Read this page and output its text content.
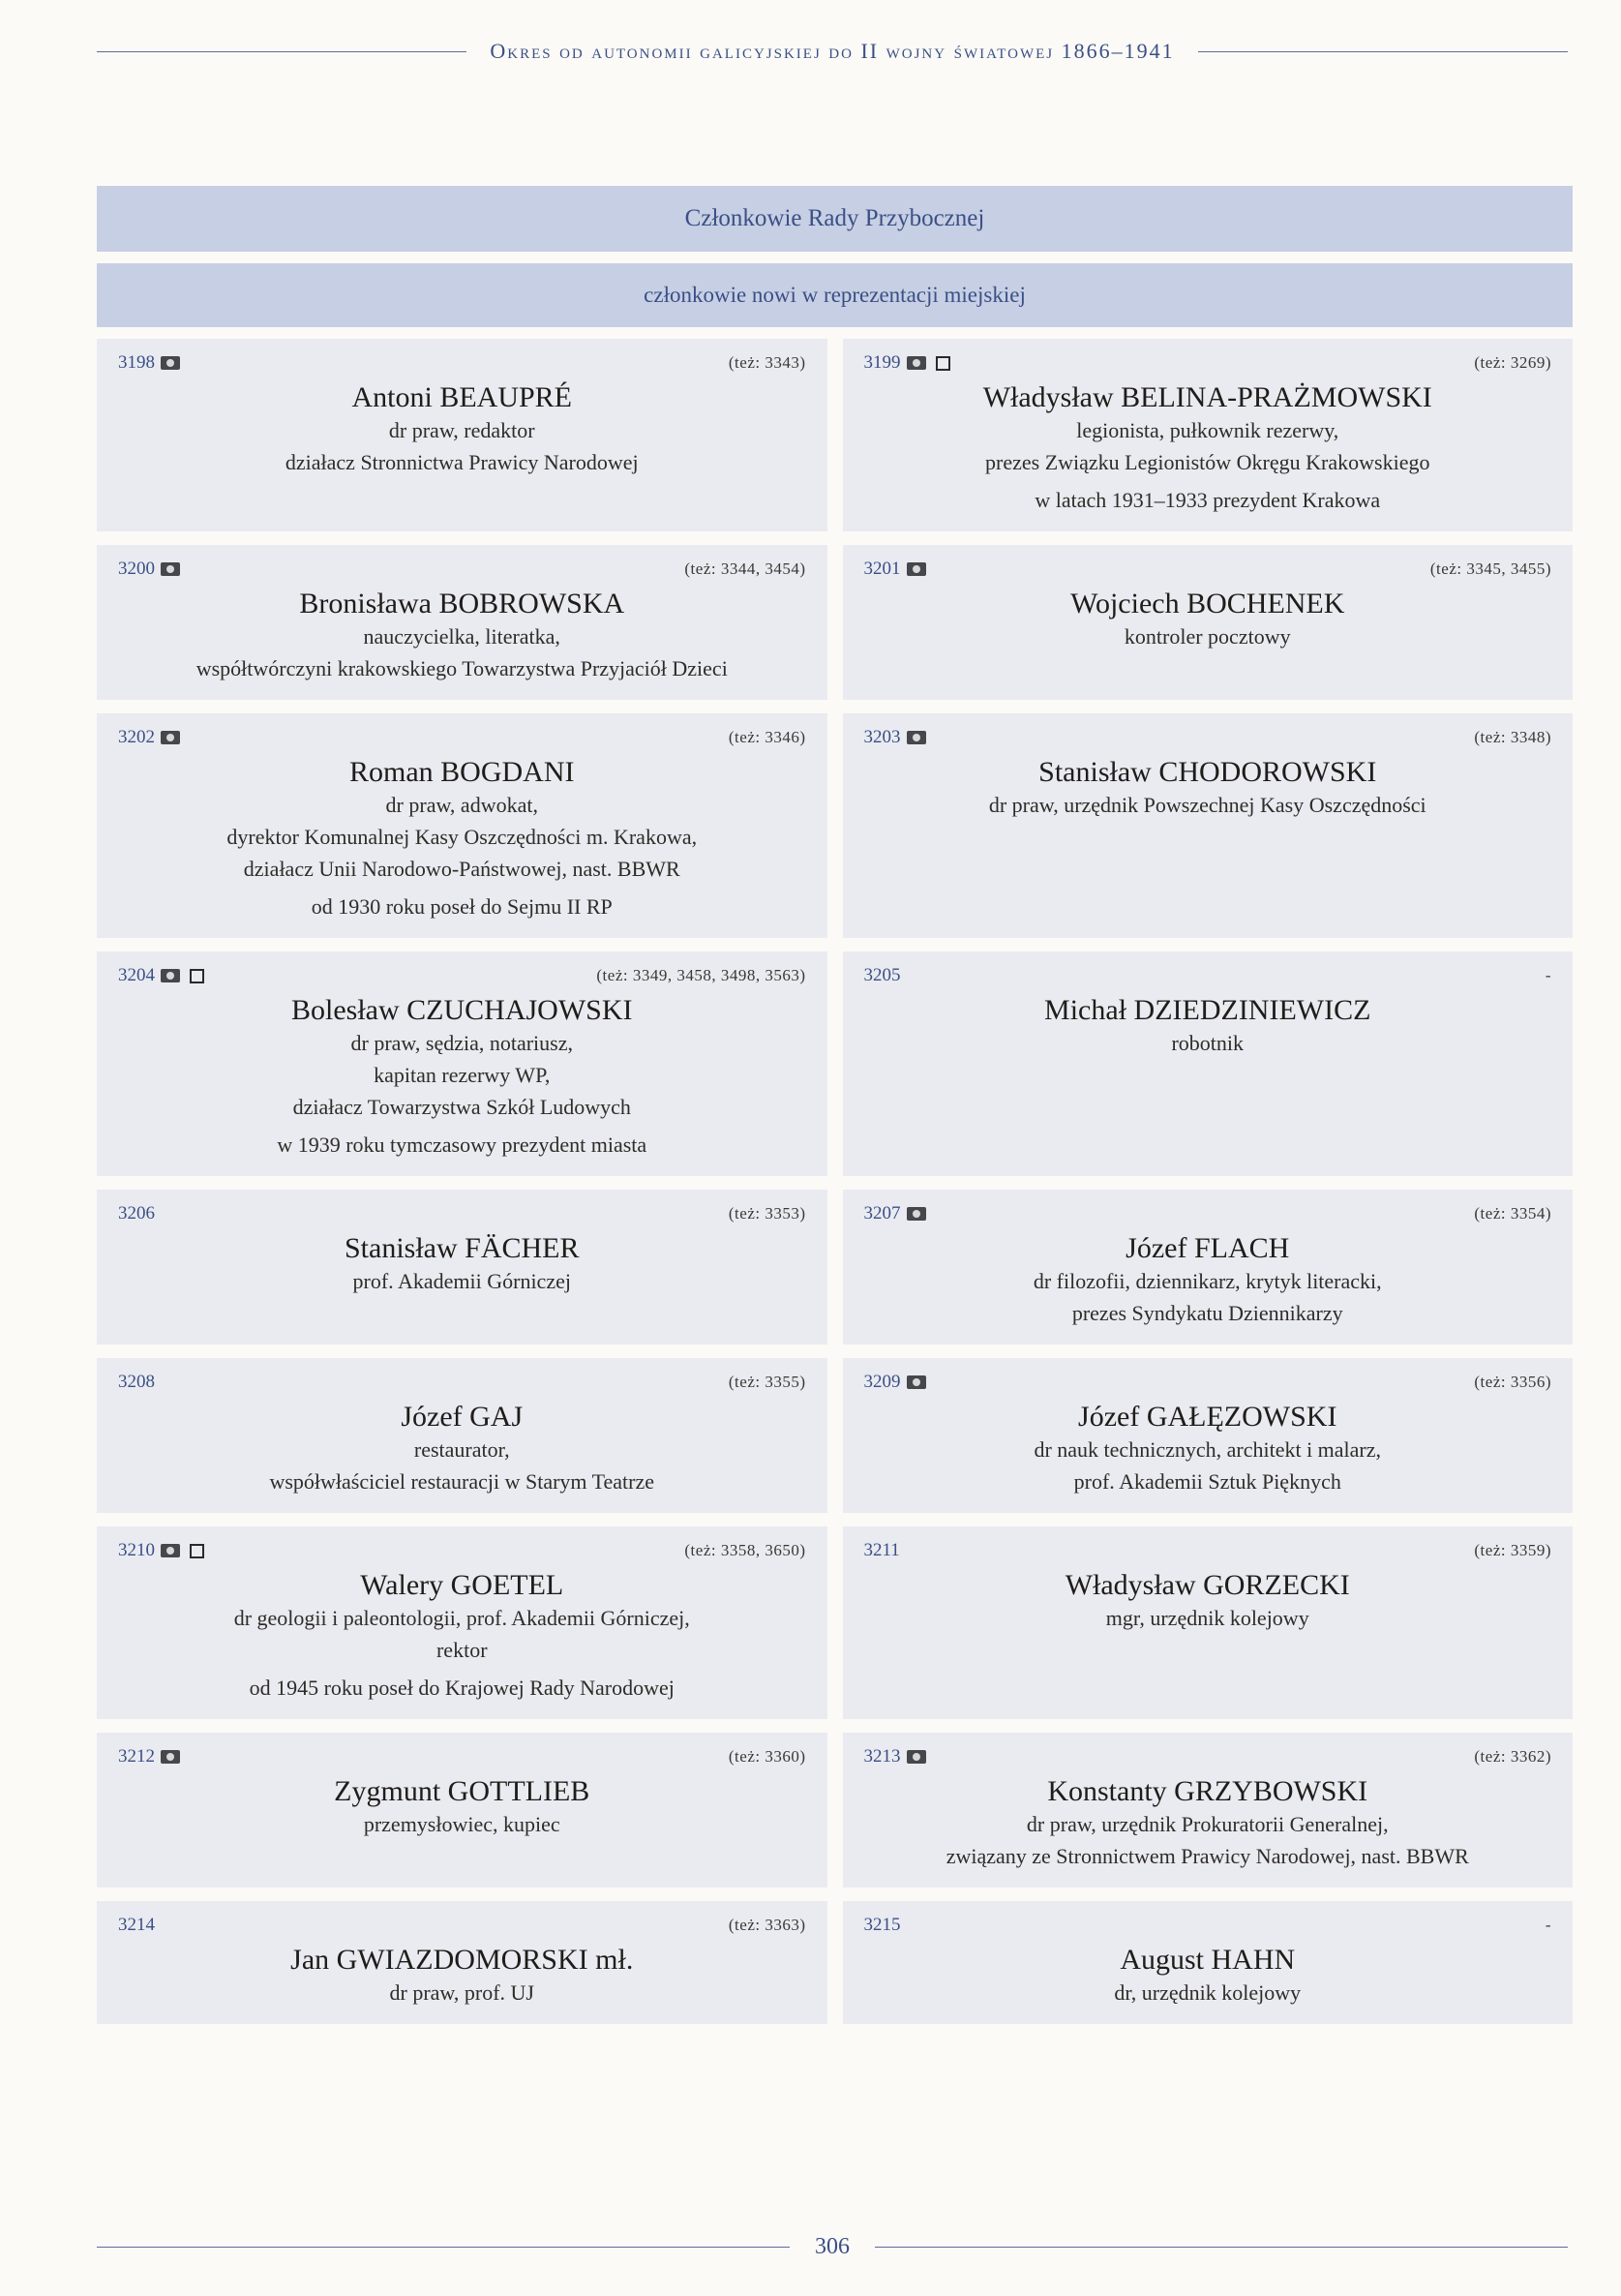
Okres od autonomii galicyjskiej do II wojny światowej 1866–1941
Członkowie Rady Przybocznej
członkowie nowi w reprezentacji miejskiej
3198	(też: 3343)
Antoni BEAUPRÉ
dr praw, redaktor
działacz Stronnictwa Prawicy Narodowej
3199	(też: 3269)
Władysław BELINA-PRAŻMOWSKI
legionista, pułkownik rezerwy,
prezes Związku Legionistów Okręgu Krakowskiego
w latach 1931–1933 prezydent Krakowa
3200	(też: 3344, 3454)
Bronisława BOBROWSKA
nauczycielka, literatka,
współtwórczyni krakowskiego Towarzystwa Przyjaciół Dzieci
3201	(też: 3345, 3455)
Wojciech BOCHENEK
kontroler pocztowy
3202	(też: 3346)
Roman BOGDANI
dr praw, adwokat,
dyrektor Komunalnej Kasy Oszczędności m. Krakowa,
działacz Unii Narodowo-Państwowej, nast. BBWR
od 1930 roku poseł do Sejmu II RP
3203	(też: 3348)
Stanisław CHODOROWSKI
dr praw, urzędnik Powszechnej Kasy Oszczędności
3204	(też: 3349, 3458, 3498, 3563)
Bolesław CZUCHAJOWSKI
dr praw, sędzia, notariusz,
kapitan rezerwy WP,
działacz Towarzystwa Szkół Ludowych
w 1939 roku tymczasowy prezydent miasta
3205	-
Michał DZIEDZINIEWICZ
robotnik
3206	(też: 3353)
Stanisław FÄCHER
prof. Akademii Górniczej
3207	(też: 3354)
Józef FLACH
dr filozofii, dziennikarz, krytyk literacki,
prezes Syndykatu Dziennikarzy
3208	(też: 3355)
Józef GAJ
restaurator,
współwłaściciel restauracji w Starym Teatrze
3209	(też: 3356)
Józef GAŁĘZOWSKI
dr nauk technicznych, architekt i malarz,
prof. Akademii Sztuk Pięknych
3210	(też: 3358, 3650)
Walery GOETEL
dr geologii i paleontologii, prof. Akademii Górniczej,
rektor
od 1945 roku poseł do Krajowej Rady Narodowej
3211	(też: 3359)
Władysław GORZECKI
mgr, urzędnik kolejowy
3212	(też: 3360)
Zygmunt GOTTLIEB
przemysłowiec, kupiec
3213	(też: 3362)
Konstanty GRZYBOWSKI
dr praw, urzędnik Prokuratorii Generalnej,
związany ze Stronnictwem Prawicy Narodowej, nast. BBWR
3214	(też: 3363)
Jan GWIAZDOMORSKI mł.
dr praw, prof. UJ
3215	-
August HAHN
dr, urzędnik kolejowy
306
